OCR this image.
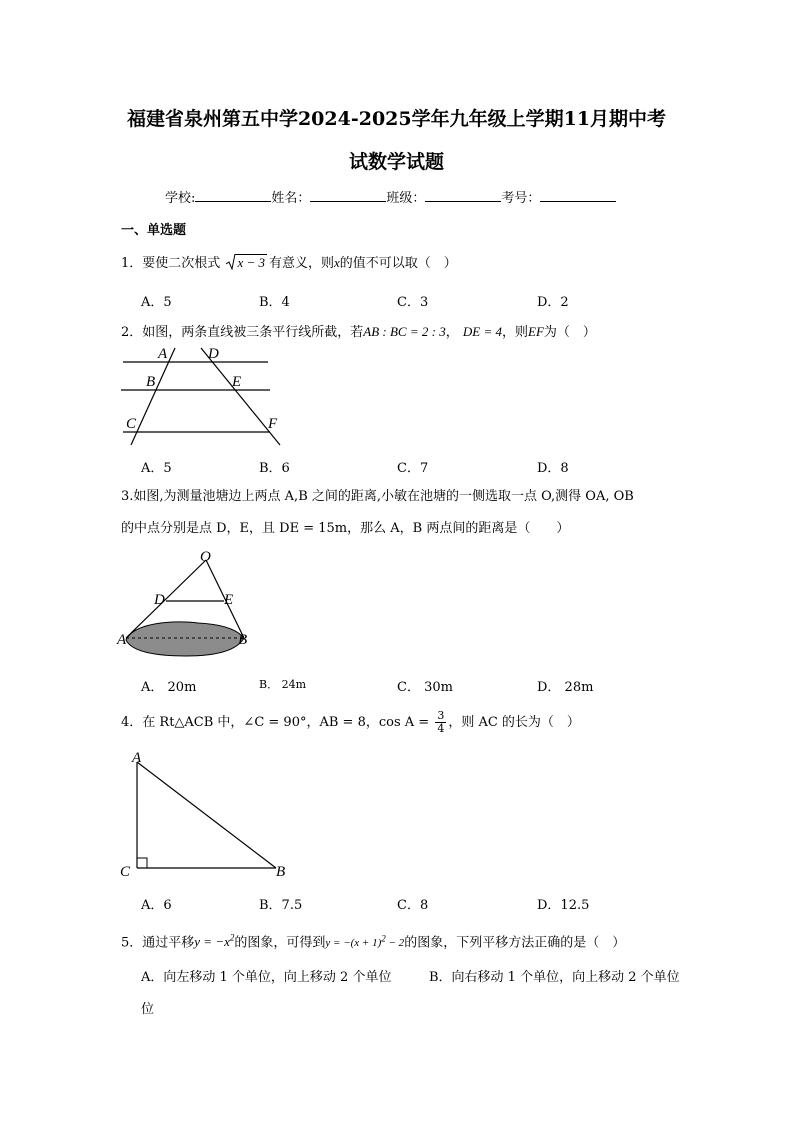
福建省泉州第五中学2024-2025学年九年级上学期11月期中考
试数学试题
学校:	姓名：	班级：	考号：
一、单选题
1．要使二次根式 x − 3 有意义，则x的值不可以取（　）
A．5	B．4	C．3	D．2
2．如图，两条直线被三条平行线所截，若AB : BC = 2 : 3， DE = 4，则EF为（　）
A	D
B	E
C	F
A．5	B．6	C．7	D．8
3.如图,为测量池塘边上两点 A,B 之间的距离,小敏在池塘的一侧选取一点 O,测得 OA, OB
的中点分别是点 D，E，且 DE = 15m，那么 A，B 两点间的距离是（　　）
O
D	E
A	B
A． 20m	B． 24m	C． 30m	D． 28m
4．在 Rt△ACB 中，∠C = 90°，AB = 8，$\cos A = \frac{3}{4}$ ，则 AC 的长为（　）
A
C	B
A．6	B．7.5	C．8	D．12.5
5．通过平移$y = -x^2$的图象，可得到$y = -(x + 1)^2 - 2$的图象，下列平移方法正确的是（　）
A．向左移动 1 个单位，向上移动 2 个单位	B．向右移动 1 个单位，向上移动 2 个单位
位
